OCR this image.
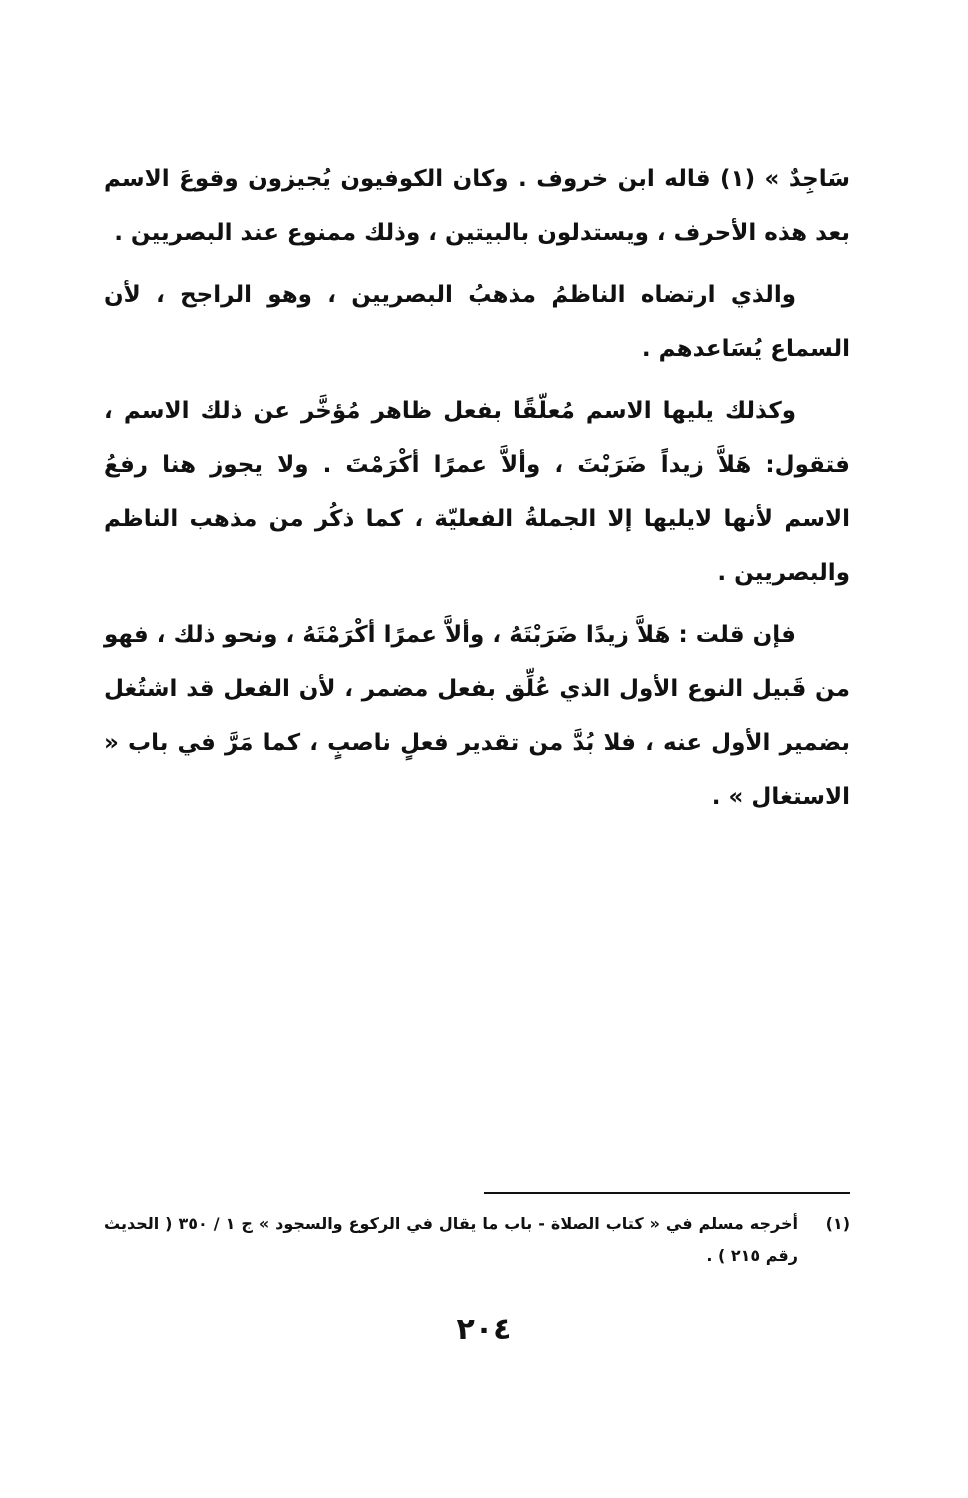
سَاجِدٌ » (١) قاله ابن خروف . وكان الكوفيون يُجيزون وقوعَ الاسم بعد هذه الأحرف ، ويستدلون بالبيتين ، وذلك ممنوع عند البصريين .

والذي ارتضاه الناظمُ مذهبُ البصريين ، وهو الراجح ، لأن السماع يُسَاعدهم .

وكذلك يليها الاسم مُعلّقًا بفعل ظاهر مُؤخَّر عن ذلك الاسم ، فتقول: هَلاَّ زيداً ضَرَبْتَ ، وألاَّ عمرًا أكْرَمْتَ . ولا يجوز هنا رفعُ الاسم لأنها لايليها إلا الجملةُ الفعليّة ، كما ذكُر من مذهب الناظم والبصريين .

فإن قلت : هَلاَّ زيدًا ضَرَبْتَهُ ، وألاَّ عمرًا أكْرَمْتَهُ ، ونحو ذلك ، فهو من قَبيل النوع الأول الذي عُلِّق بفعل مضمر ، لأن الفعل قد اشتُغل بضمير الأول عنه ، فلا بُدَّ من تقدير فعلٍ ناصبٍ ، كما مَرَّ في باب « الاستغال » .

(١)
أخرجه مسلم في « كتاب الصلاة - باب ما يقال في الركوع والسجود » ج ١ / ٣٥٠ ( الحديث رقم ٢١٥ ) .
٢٠٤
